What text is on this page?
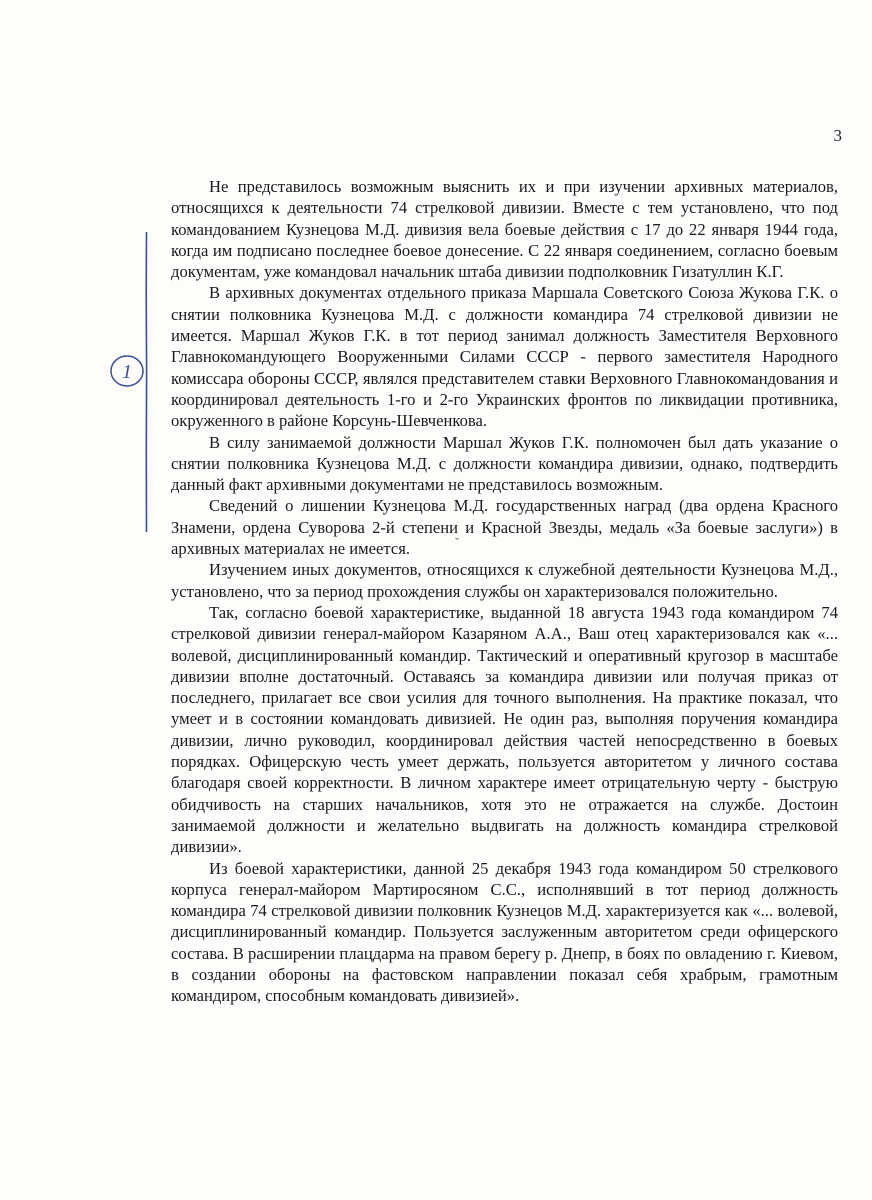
3
1
ˇ

Не представилось возможным выяснить их и при изучении архивных материалов, относящихся к деятельности 74 стрелковой дивизии. Вместе с тем установлено, что под командованием Кузнецова М.Д. дивизия вела боевые действия с 17 до 22 января 1944 года, когда им подписано последнее боевое донесение. С 22 января соединением, согласно боевым документам, уже командовал начальник штаба дивизии подполковник Гизатуллин К.Г.

В архивных документах отдельного приказа Маршала Советского Союза Жукова Г.К. о снятии полковника Кузнецова М.Д. с должности командира 74 стрелковой дивизии не имеется. Маршал Жуков Г.К. в тот период занимал должность Заместителя Верховного Главнокомандующего Вооруженными Силами СССР - первого заместителя Народного комиссара обороны СССР, являлся представителем ставки Верховного Главнокомандования и координировал деятельность 1-го и 2-го Украинских фронтов по ликвидации противника, окруженного в районе Корсунь-Шевченкова.

В силу занимаемой должности Маршал Жуков Г.К. полномочен был дать указание о снятии полковника Кузнецова М.Д. с должности командира дивизии, однако, подтвердить данный факт архивными документами не представилось возможным.

Сведений о лишении Кузнецова М.Д. государственных наград (два ордена Красного Знамени, ордена Суворова 2-й степени и Красной Звезды, медаль «За боевые заслуги») в архивных материалах не имеется.

Изучением иных документов, относящихся к служебной деятельности Кузнецова М.Д., установлено, что за период прохождения службы он характеризовался положительно.

Так, согласно боевой характеристике, выданной 18 августа 1943 года командиром 74 стрелковой дивизии генерал-майором Казаряном А.А., Ваш отец характеризовался как «... волевой, дисциплинированный командир. Тактический и оперативный кругозор в масштабе дивизии вполне достаточный. Оставаясь за командира дивизии или получая приказ от последнего, прилагает все свои усилия для точного выполнения. На практике показал, что умеет и в состоянии командовать дивизией. Не один раз, выполняя поручения командира дивизии, лично руководил, координировал действия частей непосредственно в боевых порядках. Офицерскую честь умеет держать, пользуется авторитетом у личного состава благодаря своей корректности. В личном характере имеет отрицательную черту - быструю обидчивость на старших начальников, хотя это не отражается на службе. Достоин занимаемой должности и желательно выдвигать на должность командира стрелковой дивизии».

Из боевой характеристики, данной 25 декабря 1943 года командиром 50 стрелкового корпуса генерал-майором Мартиросяном С.С., исполнявший в тот период должность командира 74 стрелковой дивизии полковник Кузнецов М.Д. характеризуется как «... волевой, дисциплинированный командир. Пользуется заслуженным авторитетом среди офицерского состава. В расширении плацдарма на правом берегу р. Днепр, в боях по овладению г. Киевом, в создании обороны на фастовском направлении показал себя храбрым, грамотным командиром, способным командовать дивизией».
